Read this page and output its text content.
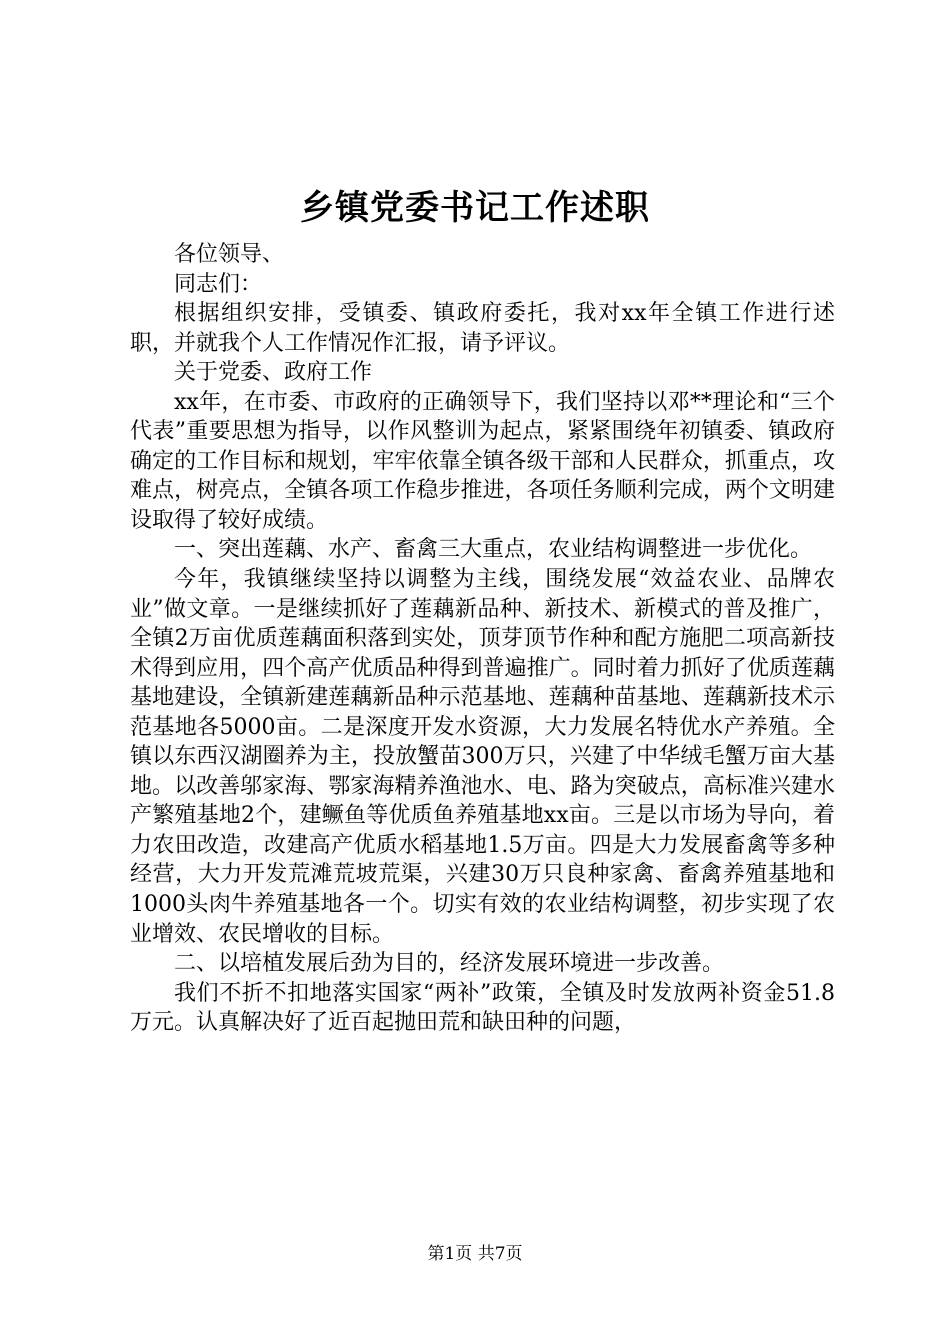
乡镇党委书记工作述职

各位领导、

同志们：

根据组织安排，受镇委、镇政府委托，我对xx年全镇工作进行述职，并就我个人工作情况作汇报，请予评议。

关于党委、政府工作

xx年，在市委、市政府的正确领导下，我们坚持以邓**理论和“三个代表”重要思想为指导，以作风整训为起点，紧紧围绕年初镇委、镇政府确定的工作目标和规划，牢牢依靠全镇各级干部和人民群众，抓重点，攻难点，树亮点，全镇各项工作稳步推进，各项任务顺利完成，两个文明建设取得了较好成绩。

一、突出莲藕、水产、畜禽三大重点，农业结构调整进一步优化。

今年，我镇继续坚持以调整为主线，围绕发展“效益农业、品牌农业”做文章。一是继续抓好了莲藕新品种、新技术、新模式的普及推广，全镇2万亩优质莲藕面积落到实处，顶芽顶节作种和配方施肥二项高新技术得到应用，四个高产优质品种得到普遍推广。同时着力抓好了优质莲藕基地建设，全镇新建莲藕新品种示范基地、莲藕种苗基地、莲藕新技术示范基地各5000亩。二是深度开发水资源，大力发展名特优水产养殖。全镇以东西汉湖圈养为主，投放蟹苗300万只，兴建了中华绒毛蟹万亩大基地。以改善邬家海、鄂家海精养渔池水、电、路为突破点，高标准兴建水产繁殖基地2个，建鳜鱼等优质鱼养殖基地xx亩。三是以市场为导向，着力农田改造，改建高产优质水稻基地1.5万亩。四是大力发展畜禽等多种经营，大力开发荒滩荒坡荒渠，兴建30万只良种家禽、畜禽养殖基地和1000头肉牛养殖基地各一个。切实有效的农业结构调整，初步实现了农业增效、农民增收的目标。

二、以培植发展后劲为目的，经济发展环境进一步改善。

我们不折不扣地落实国家“两补”政策，全镇及时发放两补资金51.8万元。认真解决好了近百起抛田荒和缺田种的问题，

第1页 共7页
